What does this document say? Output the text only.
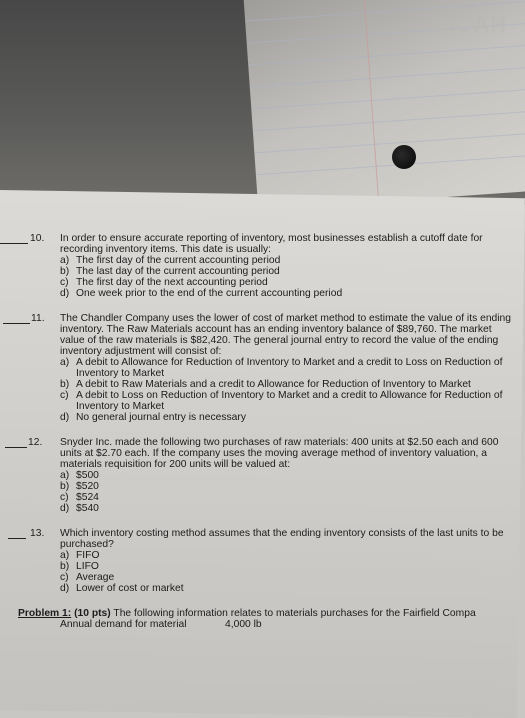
MICAH
10. In order to ensure accurate reporting of inventory, most businesses establish a cutoff date for recording inventory items. This date is usually:
a) The first day of the current accounting period
b) The last day of the current accounting period
c) The first day of the next accounting period
d) One week prior to the end of the current accounting period
11. The Chandler Company uses the lower of cost of market method to estimate the value of its ending inventory. The Raw Materials account has an ending inventory balance of $89,760. The market value of the raw materials is $82,420. The general journal entry to record the value of the ending inventory adjustment will consist of:
a) A debit to Allowance for Reduction of Inventory to Market and a credit to Loss on Reduction of Inventory to Market
b) A debit to Raw Materials and a credit to Allowance for Reduction of Inventory to Market
c) A debit to Loss on Reduction of Inventory to Market and a credit to Allowance for Reduction of Inventory to Market
d) No general journal entry is necessary
12. Snyder Inc. made the following two purchases of raw materials: 400 units at $2.50 each and 600 units at $2.70 each. If the company uses the moving average method of inventory valuation, a materials requisition for 200 units will be valued at:
a) $500
b) $520
c) $524
d) $540
13. Which inventory costing method assumes that the ending inventory consists of the last units to be purchased?
a) FIFO
b) LIFO
c) Average
d) Lower of cost or market
Problem 1: (10 pts) The following information relates to materials purchases for the Fairfield Compa
Annual demand for material	4,000 lb
